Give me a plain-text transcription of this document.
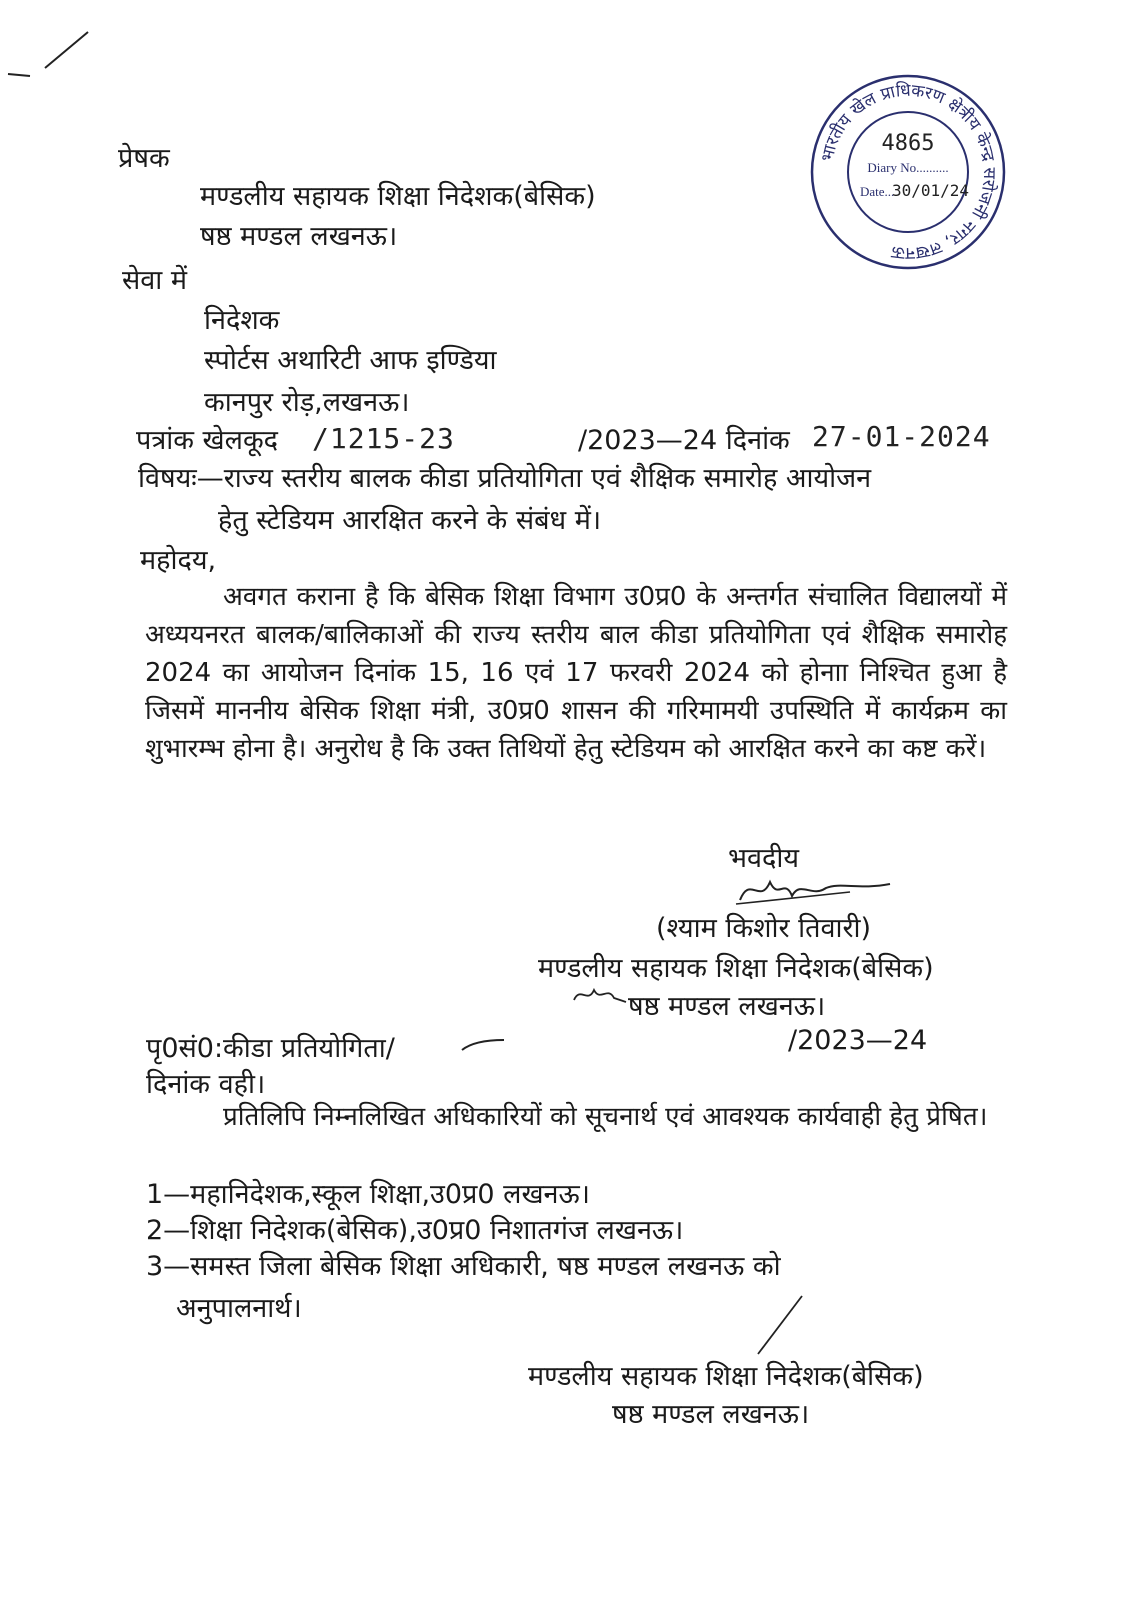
भारतीय खेल प्राधिकरण क्षेत्रीय केन्द्र सरोजनी नगर, लखनऊ
4865
Diary No..........
Date...
30/01/24
प्रेषक
मण्डलीय सहायक शिक्षा निदेशक(बेसिक)
षष्ठ मण्डल लखनऊ।
सेवा में
निदेशक
स्पोर्टस अथारिटी आफ इण्डिया
कानपुर रोड़,लखनऊ।
पत्रांक खेलकूद /1215-23	/2023—24 दिनांक 27-01-2024
विषयः—राज्य स्तरीय बालक कीडा प्रतियोगिता एवं शैक्षिक समारोह आयोजन
हेतु स्टेडियम आरक्षित करने के संबंध में।
महोदय,
अवगत कराना है कि बेसिक शिक्षा विभाग उ0प्र0 के अन्तर्गत संचालित विद्यालयों में अध्ययनरत बालक/बालिकाओं की राज्य स्तरीय बाल कीडा प्रतियोगिता एवं शैक्षिक समारोह 2024 का आयोजन दिनांक 15, 16 एवं 17 फरवरी 2024 को होनाा निश्चित हुआ है जिसमें माननीय बेसिक शिक्षा मंत्री, उ0प्र0 शासन की गरिमामयी उपस्थिति में कार्यक्रम का शुभारम्भ होना है। अनुरोध है कि उक्त तिथियों हेतु स्टेडियम को आरक्षित करने का कष्ट करें।
भवदीय
(श्याम किशोर तिवारी)
मण्डलीय सहायक शिक्षा निदेशक(बेसिक)
षष्ठ मण्डल लखनऊ।
पृ0सं0:कीडा प्रतियोगिता/	/2023—24
दिनांक वही।
प्रतिलिपि निम्नलिखित अधिकारियों को सूचनार्थ एवं आवश्यक कार्यवाही हेतु प्रेषित।
1—महानिदेशक,स्कूल शिक्षा,उ0प्र0 लखनऊ।
2—शिक्षा निदेशक(बेसिक),उ0प्र0 निशातगंज लखनऊ।
3—समस्त जिला बेसिक शिक्षा अधिकारी, षष्ठ मण्डल लखनऊ को
अनुपालनार्थ।
मण्डलीय सहायक शिक्षा निदेशक(बेसिक)
षष्ठ मण्डल लखनऊ।
